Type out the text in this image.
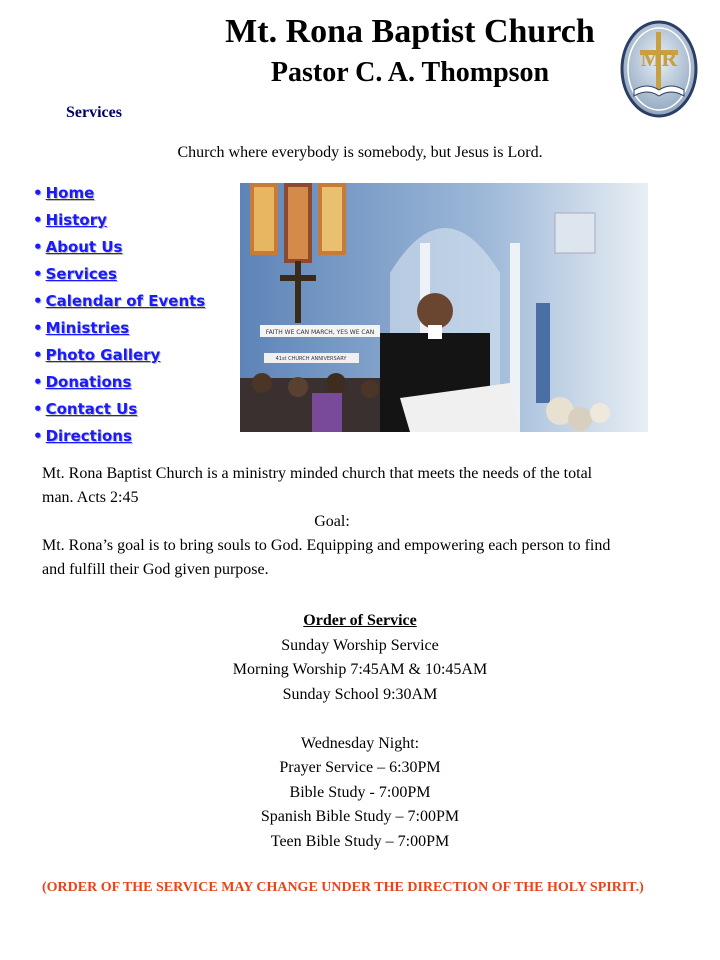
Mt. Rona Baptist Church
Pastor C. A. Thompson	MR
Services
Church where everybody is somebody, but Jesus is Lord.
• Home
• History
• About Us
• Services
• Calendar of Events
• Ministries
• Photo Gallery
• Donations
• Contact Us
• Directions
FAITH WE CAN MARCH, YES WE CAN
41st CHURCH ANNIVERSARY

Mt. Rona Baptist Church is a ministry minded church that meets the needs of the total man. Acts 2:45

Goal:

Mt. Rona’s goal is to bring souls to God. Equipping and empowering each person to find and fulfill their God given purpose.

Order of Service
Sunday Worship Service
Morning Worship 7:45AM & 10:45AM
Sunday School 9:30AM
Wednesday Night:
Prayer Service – 6:30PM
Bible Study - 7:00PM
Spanish Bible Study – 7:00PM
Teen Bible Study – 7:00PM
(ORDER OF THE SERVICE MAY CHANGE UNDER THE DIRECTION OF THE HOLY SPIRIT.)
